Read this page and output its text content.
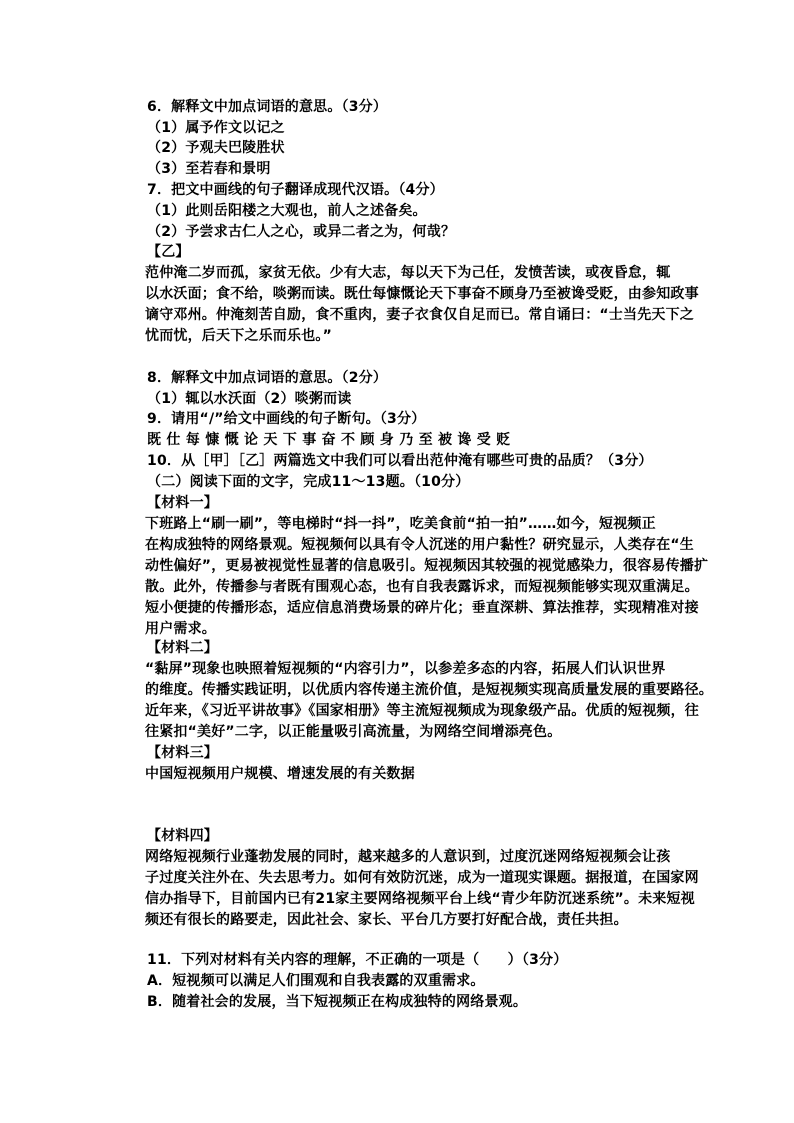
6．解释文中加点词语的意思。（3分）
（1）属予作文以记之
（2）予观夫巴陵胜状
（3）至若春和景明
7．把文中画线的句子翻译成现代汉语。（4分）
（1）此则岳阳楼之大观也，前人之述备矣。
（2）予尝求古仁人之心，或异二者之为，何哉？
【乙】
范仲淹二岁而孤，家贫无依。少有大志，每以天下为己任，发愤苦读，或夜昏怠，辄
以水沃面；食不给，啖粥而读。既仕每慷慨论天下事奋不顾身乃至被谗受贬，由参知政事
谪守邓州。仲淹刻苦自励，食不重肉，妻子衣食仅自足而已。常自诵曰：“士当先天下之
忧而忧，后天下之乐而乐也。”
8．解释文中加点词语的意思。（2分）
（1）辄以水沃面（2）啖粥而读
9．请用“/”给文中画线的句子断句。（3分）
既仕每慷慨论天下事奋不顾身乃至被谗受贬
10．从［甲］［乙］两篇选文中我们可以看出范仲淹有哪些可贵的品质？（3分）
（二）阅读下面的文字，完成11～13题。（10分）
【材料一】
下班路上“刷一刷”，等电梯时“抖一抖”，吃美食前“拍一拍”……如今，短视频正
在构成独特的网络景观。短视频何以具有令人沉迷的用户黏性？研究显示，人类存在“生
动性偏好”，更易被视觉性显著的信息吸引。短视频因其较强的视觉感染力，很容易传播扩
散。此外，传播参与者既有围观心态，也有自我表露诉求，而短视频能够实现双重满足。
短小便捷的传播形态，适应信息消费场景的碎片化；垂直深耕、算法推荐，实现精准对接
用户需求。
【材料二】
“黏屏”现象也映照着短视频的“内容引力”，以参差多态的内容，拓展人们认识世界
的维度。传播实践证明，以优质内容传递主流价值，是短视频实现高质量发展的重要路径。
近年来，《习近平讲故事》《国家相册》等主流短视频成为现象级产品。优质的短视频，往
往紧扣“美好”二字，以正能量吸引高流量，为网络空间增添亮色。
【材料三】
中国短视频用户规模、增速发展的有关数据
【材料四】
网络短视频行业蓬勃发展的同时，越来越多的人意识到，过度沉迷网络短视频会让孩
子过度关注外在、失去思考力。如何有效防沉迷，成为一道现实课题。据报道，在国家网
信办指导下，目前国内已有21家主要网络视频平台上线“青少年防沉迷系统”。未来短视
频还有很长的路要走，因此社会、家长、平台几方要打好配合战，责任共担。
11．下列对材料有关内容的理解，不正确的一项是（　　）（3分）
A．短视频可以满足人们围观和自我表露的双重需求。
B．随着社会的发展，当下短视频正在构成独特的网络景观。
